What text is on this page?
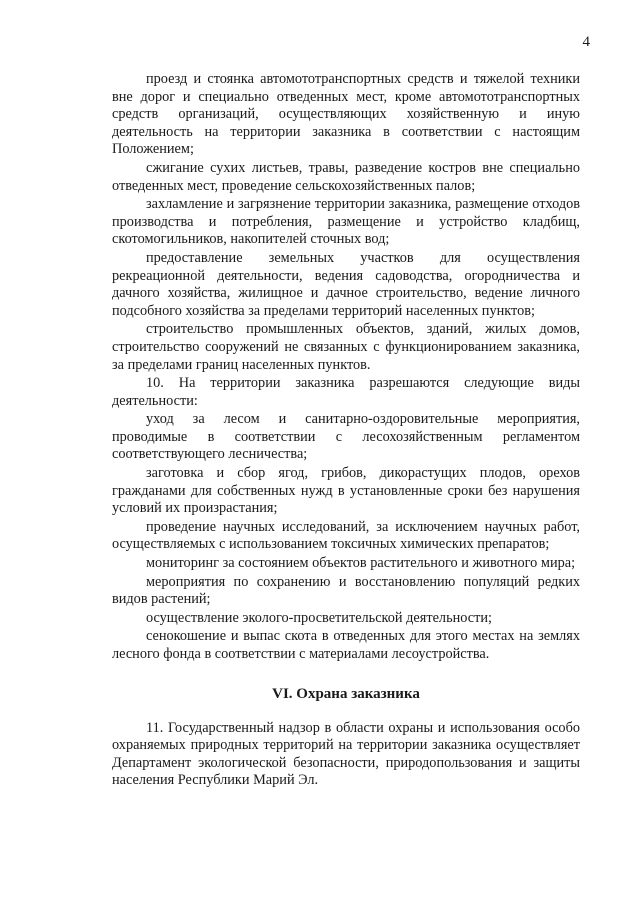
4

проезд и стоянка автомототранспортных средств и тяжелой техники вне дорог и специально отведенных мест, кроме автомототранспортных средств организаций, осуществляющих хозяйственную и иную деятельность на территории заказника в соответствии с настоящим Положением;

сжигание сухих листьев, травы, разведение костров вне специально отведенных мест, проведение сельскохозяйственных палов;

захламление и загрязнение территории заказника, размещение отходов производства и потребления, размещение и устройство кладбищ, скотомогильников, накопителей сточных вод;

предоставление земельных участков для осуществления рекреационной деятельности, ведения садоводства, огородничества и дачного хозяйства, жилищное и дачное строительство, ведение личного подсобного хозяйства за пределами территорий населенных пунктов;

строительство промышленных объектов, зданий, жилых домов, строительство сооружений не связанных с функционированием заказника, за пределами границ населенных пунктов.

10. На территории заказника разрешаются следующие виды деятельности:

уход за лесом и санитарно-оздоровительные мероприятия, проводимые в соответствии с лесохозяйственным регламентом соответствующего лесничества;

заготовка и сбор ягод, грибов, дикорастущих плодов, орехов гражданами для собственных нужд в установленные сроки без нарушения условий их произрастания;

проведение научных исследований, за исключением научных работ, осуществляемых с использованием токсичных химических препаратов;

мониторинг за состоянием объектов растительного и животного мира;

мероприятия по сохранению и восстановлению популяций редких видов растений;

осуществление эколого-просветительской деятельности;

сенокошение и выпас скота в отведенных для этого местах на землях лесного фонда в соответствии с материалами лесоустройства.

VI. Охрана заказника

11. Государственный надзор в области охраны и использования особо охраняемых природных территорий на территории заказника осуществляет Департамент экологической безопасности, природопользования и защиты населения Республики Марий Эл.
